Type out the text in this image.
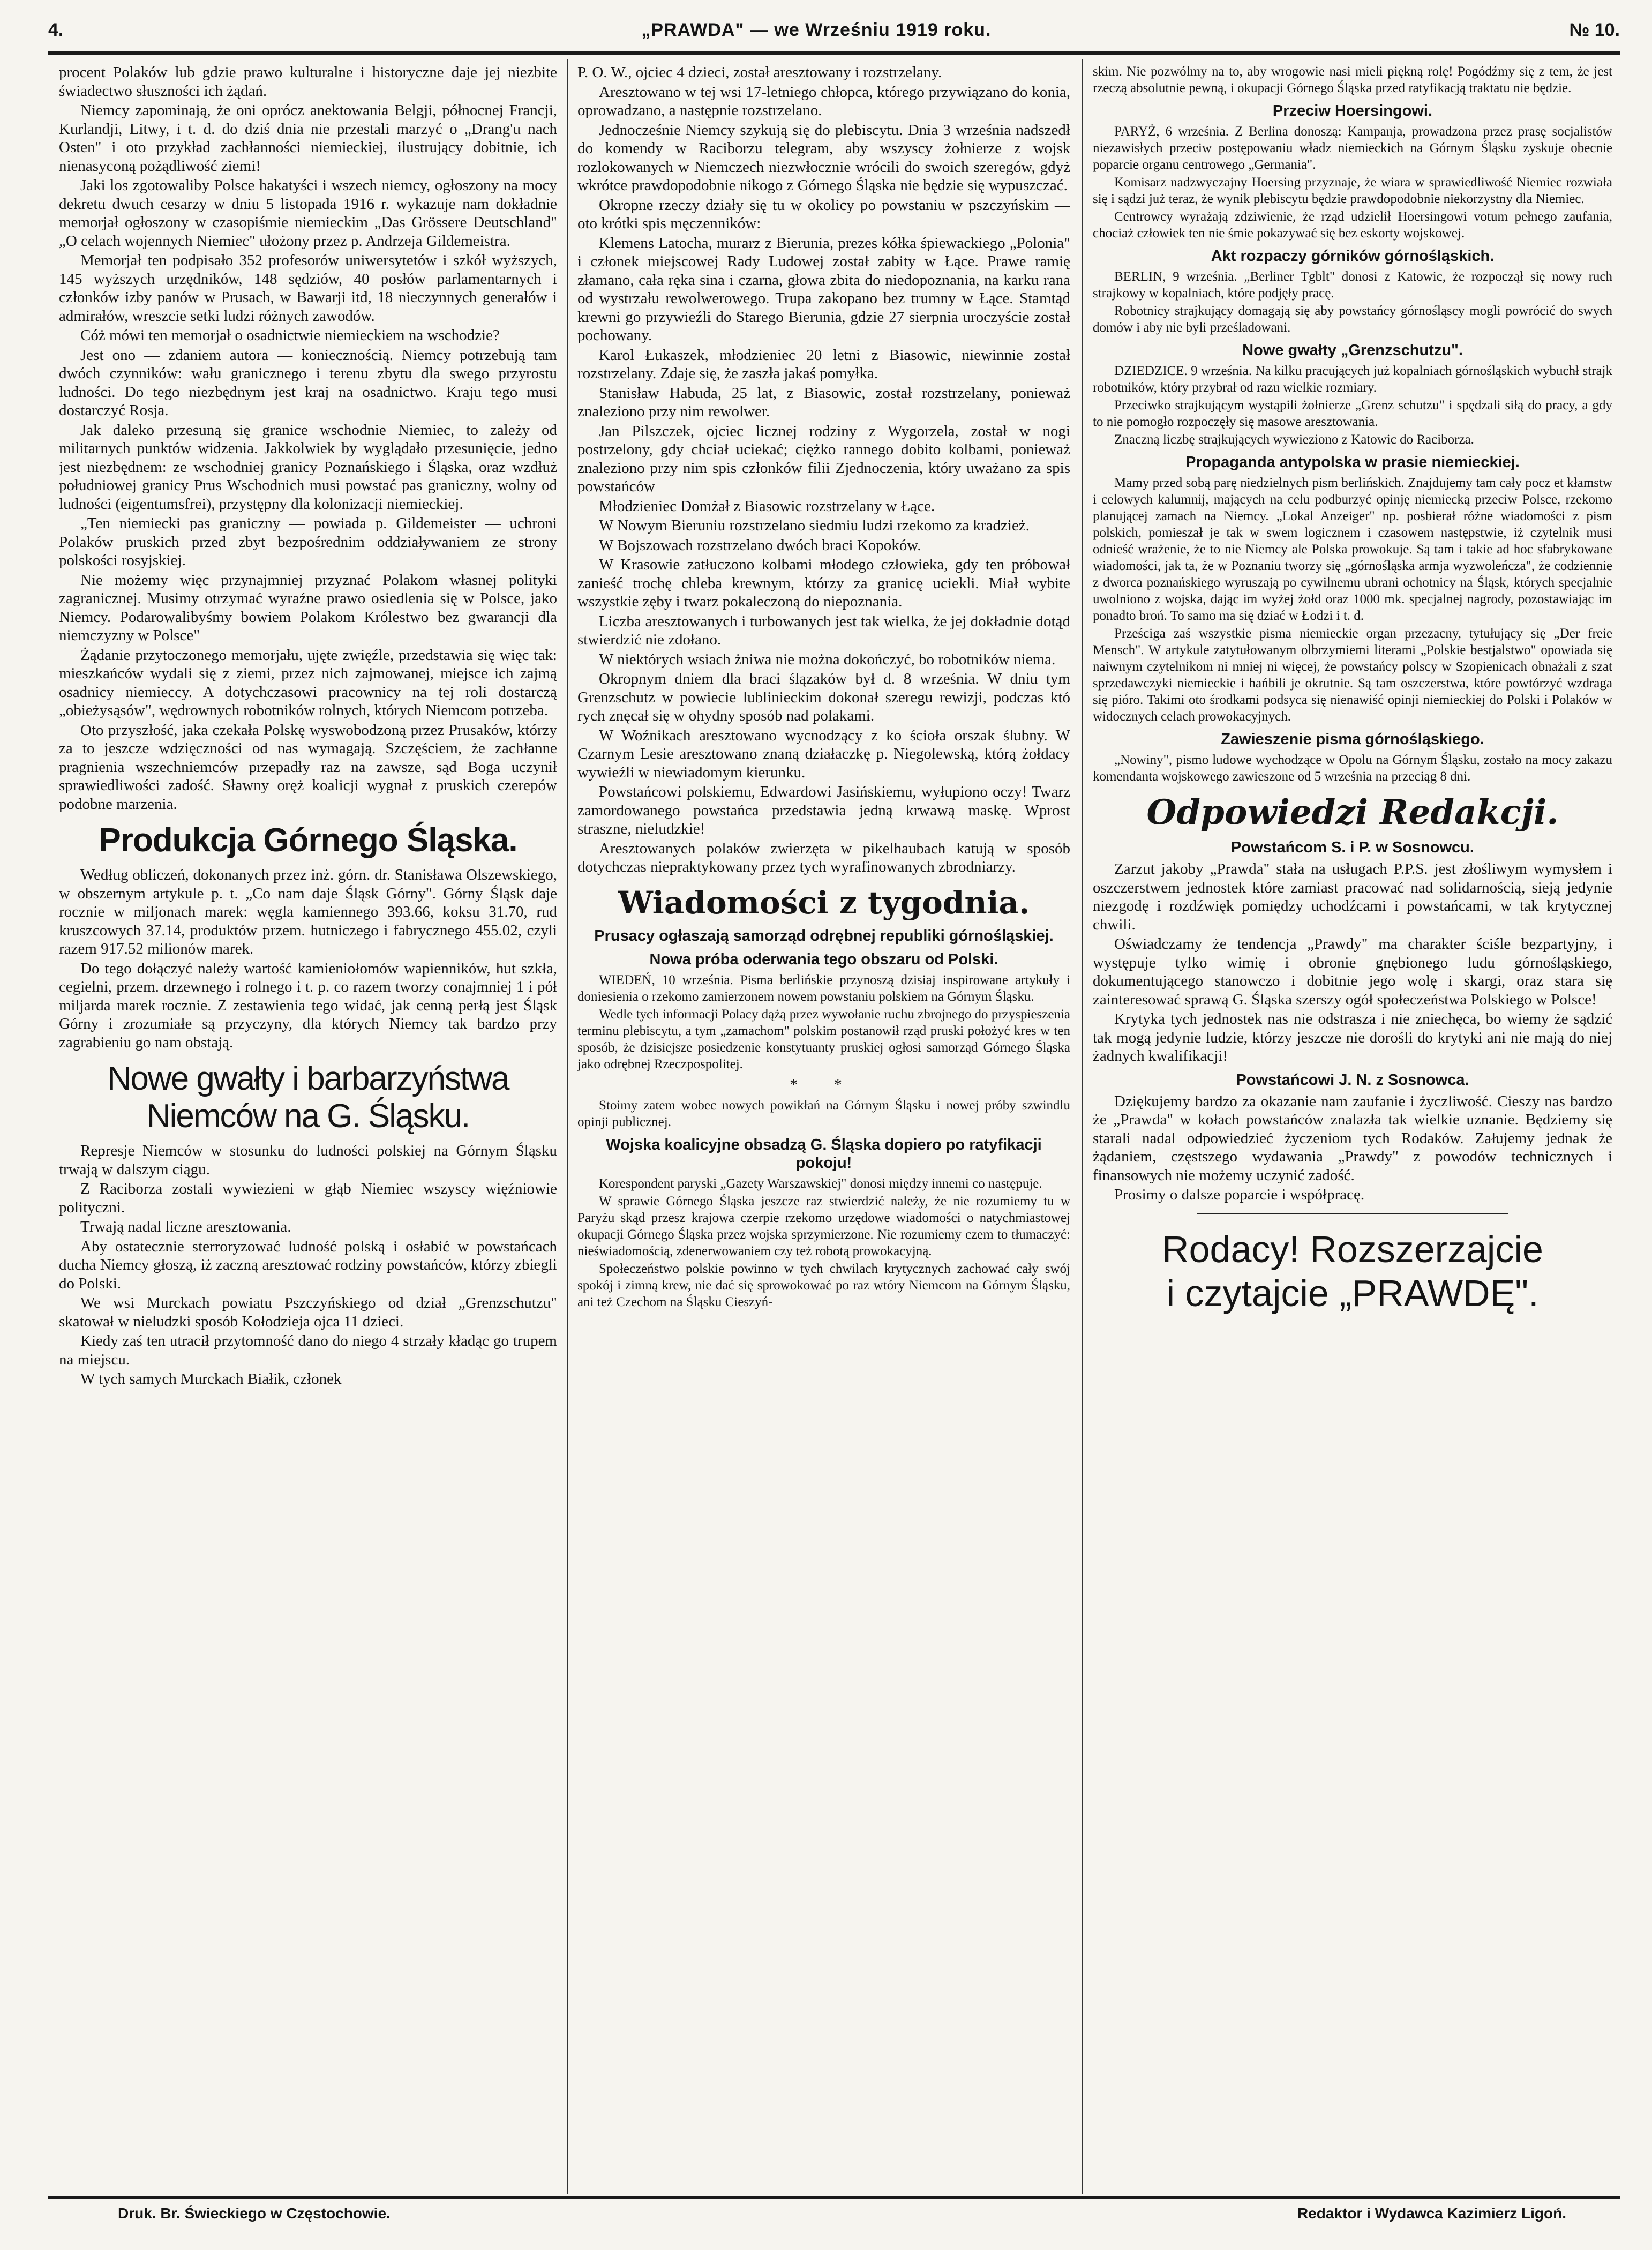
4.	„PRAWDA" — we Wrześniu 1919 roku.	№ 10.

procent Polaków lub gdzie prawo kulturalne i historyczne daje jej niezbite świadectwo słuszności ich żądań.

Niemcy zapominają, że oni oprócz anektowania Belgji, północnej Francji, Kurlandji, Litwy, i t. d. do dziś dnia nie przestali marzyć o „Drang'u nach Osten" i oto przykład zachłanności niemieckiej, ilustrujący dobitnie, ich nienasyconą pożądliwość ziemi!

Jaki los zgotowaliby Polsce hakatyści i wszech niemcy, ogłoszony na mocy dekretu dwuch cesarzy w dniu 5 listopada 1916 r. wykazuje nam dokładnie memorjał ogłoszony w czasopiśmie niemieckim „Das Grössere Deutschland" „O celach wojennych Niemiec" ułożony przez p. Andrzeja Gildemeistra.

Memorjał ten podpisało 352 profesorów uniwersytetów i szkół wyższych, 145 wyższych urzędników, 148 sędziów, 40 posłów parlamentarnych i członków izby panów w Prusach, w Bawarji itd, 18 nieczynnych generałów i admirałów, wreszcie setki ludzi różnych zawodów.

Cóż mówi ten memorjał o osadnictwie niemieckiem na wschodzie?

Jest ono — zdaniem autora — koniecznością. Niemcy potrzebują tam dwóch czynników: wału granicznego i terenu zbytu dla swego przyrostu ludności. Do tego niezbędnym jest kraj na osadnictwo. Kraju tego musi dostarczyć Rosja.

Jak daleko przesuną się granice wschodnie Niemiec, to zależy od militarnych punktów widzenia. Jakkolwiek by wyglądało przesunięcie, jedno jest niezbędnem: ze wschodniej granicy Poznańskiego i Śląska, oraz wzdłuż południowej granicy Prus Wschodnich musi powstać pas graniczny, wolny od ludności (eigentumsfrei), przystępny dla kolonizacji niemieckiej.

„Ten niemiecki pas graniczny — powiada p. Gildemeister — uchroni Polaków pruskich przed zbyt bezpośrednim oddziaływaniem ze strony polskości rosyjskiej.

Nie możemy więc przynajmniej przyznać Polakom własnej polityki zagranicznej. Musimy otrzymać wyraźne prawo osiedlenia się w Polsce, jako Niemcy. Podarowalibyśmy bowiem Polakom Królestwo bez gwarancji dla niemczyzny w Polsce"

Żądanie przytoczonego memorjału, ujęte zwięźle, przedstawia się więc tak: mieszkańców wydali się z ziemi, przez nich zajmowanej, miejsce ich zajmą osadnicy niemieccy. A dotychczasowi pracownicy na tej roli dostarczą „obieżysąsów", wędrownych robotników rolnych, których Niemcom potrzeba.

Oto przyszłość, jaka czekała Polskę wyswobodzoną przez Prusaków, którzy za to jeszcze wdzięczności od nas wymagają. Szczęściem, że zachłanne pragnienia wszechniemców przepadły raz na zawsze, sąd Boga uczynił sprawiedliwości zadość. Sławny oręż koalicji wygnał z pruskich czerepów podobne marzenia.

Produkcja Górnego Śląska.

Według obliczeń, dokonanych przez inż. górn. dr. Stanisława Olszewskiego, w obszernym artykule p. t. „Co nam daje Śląsk Górny". Górny Śląsk daje rocznie w miljonach marek: węgla kamiennego 393.66, koksu 31.70, rud kruszcowych 37.14, produktów przem. hutniczego i fabrycznego 455.02, czyli razem 917.52 milionów marek.

Do tego dołączyć należy wartość kamieniołomów wapienników, hut szkła, cegielni, przem. drzewnego i rolnego i t. p. co razem tworzy conajmniej 1 i pół miljarda marek rocznie. Z zestawienia tego widać, jak cenną perłą jest Śląsk Górny i zrozumiałe są przyczyny, dla których Niemcy tak bardzo przy zagrabieniu go nam obstają.

Nowe gwałty i barbarzyństwa Niemców na G. Śląsku.

Represje Niemców w stosunku do ludności polskiej na Górnym Śląsku trwają w dalszym ciągu.

Z Raciborza zostali wywiezieni w głąb Niemiec wszyscy więźniowie polityczni.

Trwają nadal liczne aresztowania.

Aby ostatecznie sterroryzować ludność polską i osłabić w powstańcach ducha Niemcy głoszą, iż zaczną aresztować rodziny powstańców, którzy zbiegli do Polski.

We wsi Murckach powiatu Pszczyńskiego od dział „Grenzschutzu" skatował w nieludzki sposób Kołodzieja ojca 11 dzieci.

Kiedy zaś ten utracił przytomność dano do niego 4 strzały kładąc go trupem na miejscu.

W tych samych Murckach Białik, członek

P. O. W., ojciec 4 dzieci, został aresztowany i rozstrzelany.

Aresztowano w tej wsi 17-letniego chłopca, którego przywiązano do konia, oprowadzano, a następnie rozstrzelano.

Jednocześnie Niemcy szykują się do plebiscytu. Dnia 3 września nadszedł do komendy w Raciborzu telegram, aby wszyscy żołnierze z wojsk rozlokowanych w Niemczech niezwłocznie wrócili do swoich szeregów, gdyż wkrótce prawdopodobnie nikogo z Górnego Śląska nie będzie się wypuszczać.

Okropne rzeczy działy się tu w okolicy po powstaniu w pszczyńskim — oto krótki spis męczenników:

Klemens Latocha, murarz z Bierunia, prezes kółka śpiewackiego „Polonia" i członek miejscowej Rady Ludowej został zabity w Łące. Prawe ramię złamano, cała ręka sina i czarna, głowa zbita do niedopoznania, na karku rana od wystrzału rewolwerowego. Trupa zakopano bez trumny w Łące. Stamtąd krewni go przywieźli do Starego Bierunia, gdzie 27 sierpnia uroczyście został pochowany.

Karol Łukaszek, młodzieniec 20 letni z Biasowic, niewinnie został rozstrzelany. Zdaje się, że zaszła jakaś pomyłka.

Stanisław Habuda, 25 lat, z Biasowic, został rozstrzelany, ponieważ znaleziono przy nim rewolwer.

Jan Pilszczek, ojciec licznej rodziny z Wygorzela, został w nogi postrzelony, gdy chciał uciekać; ciężko rannego dobito kolbami, ponieważ znaleziono przy nim spis członków filii Zjednoczenia, który uważano za spis powstańców

Młodzieniec Domżał z Biasowic rozstrzelany w Łące.

W Nowym Bieruniu rozstrzelano siedmiu ludzi rzekomo za kradzież.

W Bojszowach rozstrzelano dwóch braci Kopoków.

W Krasowie zatłuczono kolbami młodego człowieka, gdy ten próbował zanieść trochę chleba krewnym, którzy za granicę uciekli. Miał wybite wszystkie zęby i twarz pokaleczoną do niepoznania.

Liczba aresztowanych i turbowanych jest tak wielka, że jej dokładnie dotąd stwierdzić nie zdołano.

W niektórych wsiach żniwa nie można dokończyć, bo robotników niema.

Okropnym dniem dla braci ślązaków był d. 8 września. W dniu tym Grenzschutz w powiecie lublinieckim dokonał szeregu rewizji, podczas któ rych znęcał się w ohydny sposób nad polakami.

W Woźnikach aresztowano wycnodzący z ko ścioła orszak ślubny. W Czarnym Lesie aresztowano znaną działaczkę p. Niegolewską, którą żołdacy wywieźli w niewiadomym kierunku.

Powstańcowi polskiemu, Edwardowi Jasińskiemu, wyłupiono oczy! Twarz zamordowanego powstańca przedstawia jedną krwawą maskę. Wprost straszne, nieludzkie!

Aresztowanych polaków zwierzęta w pikelhaubach katują w sposób dotychczas niepraktykowany przez tych wyrafinowanych zbrodniarzy.

Wiadomości z tygodnia.
Prusacy ogłaszają samorząd odrębnej republiki górnośląskiej.
Nowa próba oderwania tego obszaru od Polski.

WIEDEŃ, 10 września. Pisma berlińskie przynoszą dzisiaj inspirowane artykuły i doniesienia o rzekomo zamierzonem nowem powstaniu polskiem na Górnym Śląsku.

Wedle tych informacji Polacy dążą przez wywołanie ruchu zbrojnego do przyspieszenia terminu plebiscytu, a tym „zamachom" polskim postanowił rząd pruski położyć kres w ten sposób, że dzisiejsze posiedzenie konstytuanty pruskiej ogłosi samorząd Górnego Śląska jako odrębnej Rzeczpospolitej.

* *

Stoimy zatem wobec nowych powikłań na Górnym Śląsku i nowej próby szwindlu opinji publicznej.

Wojska koalicyjne obsadzą G. Śląska dopiero po ratyfikacji pokoju!

Korespondent paryski „Gazety Warszawskiej" donosi między innemi co następuje.

W sprawie Górnego Śląska jeszcze raz stwierdzić należy, że nie rozumiemy tu w Paryżu skąd przesz krajowa czerpie rzekomo urzędowe wiadomości o natychmiastowej okupacji Górnego Śląska przez wojska sprzymierzone. Nie rozumiemy czem to tłumaczyć: nieświadomością, zdenerwowaniem czy też robotą prowokacyjną.

Społeczeństwo polskie powinno w tych chwilach krytycznych zachować cały swój spokój i zimną krew, nie dać się sprowokować po raz wtóry Niemcom na Górnym Śląsku, ani też Czechom na Śląsku Cieszyń-

skim. Nie pozwólmy na to, aby wrogowie nasi mieli piękną rolę! Pogódźmy się z tem, że jest rzeczą absolutnie pewną, i okupacji Górnego Śląska przed ratyfikacją traktatu nie będzie.

Przeciw Hoersingowi.

PARYŻ, 6 września. Z Berlina donoszą: Kampanja, prowadzona przez prasę socjalistów niezawisłych przeciw postępowaniu władz niemieckich na Górnym Śląsku zyskuje obecnie poparcie organu centrowego „Germania".

Komisarz nadzwyczajny Hoersing przyznaje, że wiara w sprawiedliwość Niemiec rozwiała się i sądzi już teraz, że wynik plebiscytu będzie prawdopodobnie niekorzystny dla Niemiec.

Centrowcy wyrażają zdziwienie, że rząd udzielił Hoersingowi votum pełnego zaufania, chociaż człowiek ten nie śmie pokazywać się bez eskorty wojskowej.

Akt rozpaczy górników górnośląskich.

BERLIN, 9 września. „Berliner Tgblt" donosi z Katowic, że rozpoczął się nowy ruch strajkowy w kopalniach, które podjęły pracę.

Robotnicy strajkujący domagają się aby powstańcy górnośląscy mogli powrócić do swych domów i aby nie byli prześladowani.

Nowe gwałty „Grenzschutzu".

DZIEDZICE. 9 września. Na kilku pracujących już kopalniach górnośląskich wybuchł strajk robotników, który przybrał od razu wielkie rozmiary.

Przeciwko strajkującym wystąpili żołnierze „Grenz schutzu" i spędzali siłą do pracy, a gdy to nie pomogło rozpoczęły się masowe aresztowania.

Znaczną liczbę strajkujących wywieziono z Katowic do Raciborza.

Propaganda antypolska w prasie niemieckiej.

Mamy przed sobą parę niedzielnych pism berlińskich. Znajdujemy tam cały pocz et kłamstw i celowych kalumnij, mających na celu podburzyć opinję niemiecką przeciw Polsce, rzekomo planującej zamach na Niemcy. „Lokal Anzeiger" np. posbierał różne wiadomości z pism polskich, pomieszał je tak w swem logicznem i czasowem następstwie, iż czytelnik musi odnieść wrażenie, że to nie Niemcy ale Polska prowokuje. Są tam i takie ad hoc sfabrykowane wiadomości, jak ta, że w Poznaniu tworzy się „górnośląska armja wyzwoleńcza", że codziennie z dworca poznańskiego wyruszają po cywilnemu ubrani ochotnicy na Śląsk, których specjalnie uwolniono z wojska, dając im wyżej żołd oraz 1000 mk. specjalnej nagrody, pozostawiając im ponadto broń. To samo ma się dziać w Łodzi i t. d.

Prześciga zaś wszystkie pisma niemieckie organ przezacny, tytułujący się „Der freie Mensch". W artykule zatytułowanym olbrzymiemi literami „Polskie bestjalstwo" opowiada się naiwnym czytelnikom ni mniej ni więcej, że powstańcy polscy w Szopienicach obnażali z szat sprzedawczyki niemieckie i hańbili je okrutnie. Są tam oszczerstwa, które powtórzyć wzdraga się pióro. Takimi oto środkami podsyca się nienawiść opinji niemieckiej do Polski i Polaków w widocznych celach prowokacyjnych.

Zawieszenie pisma górnośląskiego.

„Nowiny", pismo ludowe wychodzące w Opolu na Górnym Śląsku, zostało na mocy zakazu komendanta wojskowego zawieszone od 5 września na przeciąg 8 dni.

Odpowiedzi Redakcji.
Powstańcom S. i P. w Sosnowcu.

Zarzut jakoby „Prawda" stała na usługach P.P.S. jest złośliwym wymysłem i oszczerstwem jednostek które zamiast pracować nad solidarnością, sieją jedynie niezgodę i rozdźwięk pomiędzy uchodźcami i powstańcami, w tak krytycznej chwili.

Oświadczamy że tendencja „Prawdy" ma charakter ściśle bezpartyjny, i występuje tylko wimię i obronie gnębionego ludu górnośląskiego, dokumentującego stanowczo i dobitnie jego wolę i skargi, oraz stara się zainteresować sprawą G. Śląska szerszy ogół społeczeństwa Polskiego w Polsce!

Krytyka tych jednostek nas nie odstrasza i nie zniechęca, bo wiemy że sądzić tak mogą jedynie ludzie, którzy jeszcze nie dorośli do krytyki ani nie mają do niej żadnych kwalifikacji!

Powstańcowi J. N. z Sosnowca.

Dziękujemy bardzo za okazanie nam zaufanie i życzliwość. Cieszy nas bardzo że „Prawda" w kołach powstańców znalazła tak wielkie uznanie. Będziemy się starali nadal odpowiedzieć życzeniom tych Rodaków. Załujemy jednak że żądaniem, częstszego wydawania „Prawdy" z powodów technicznych i finansowych nie możemy uczynić zadość.

Prosimy o dalsze poparcie i współpracę.

Rodacy! Rozszerzajcie
i czytajcie „PRAWDĘ".
Druk. Br. Świeckiego w Częstochowie.	Redaktor i Wydawca Kazimierz Ligoń.
